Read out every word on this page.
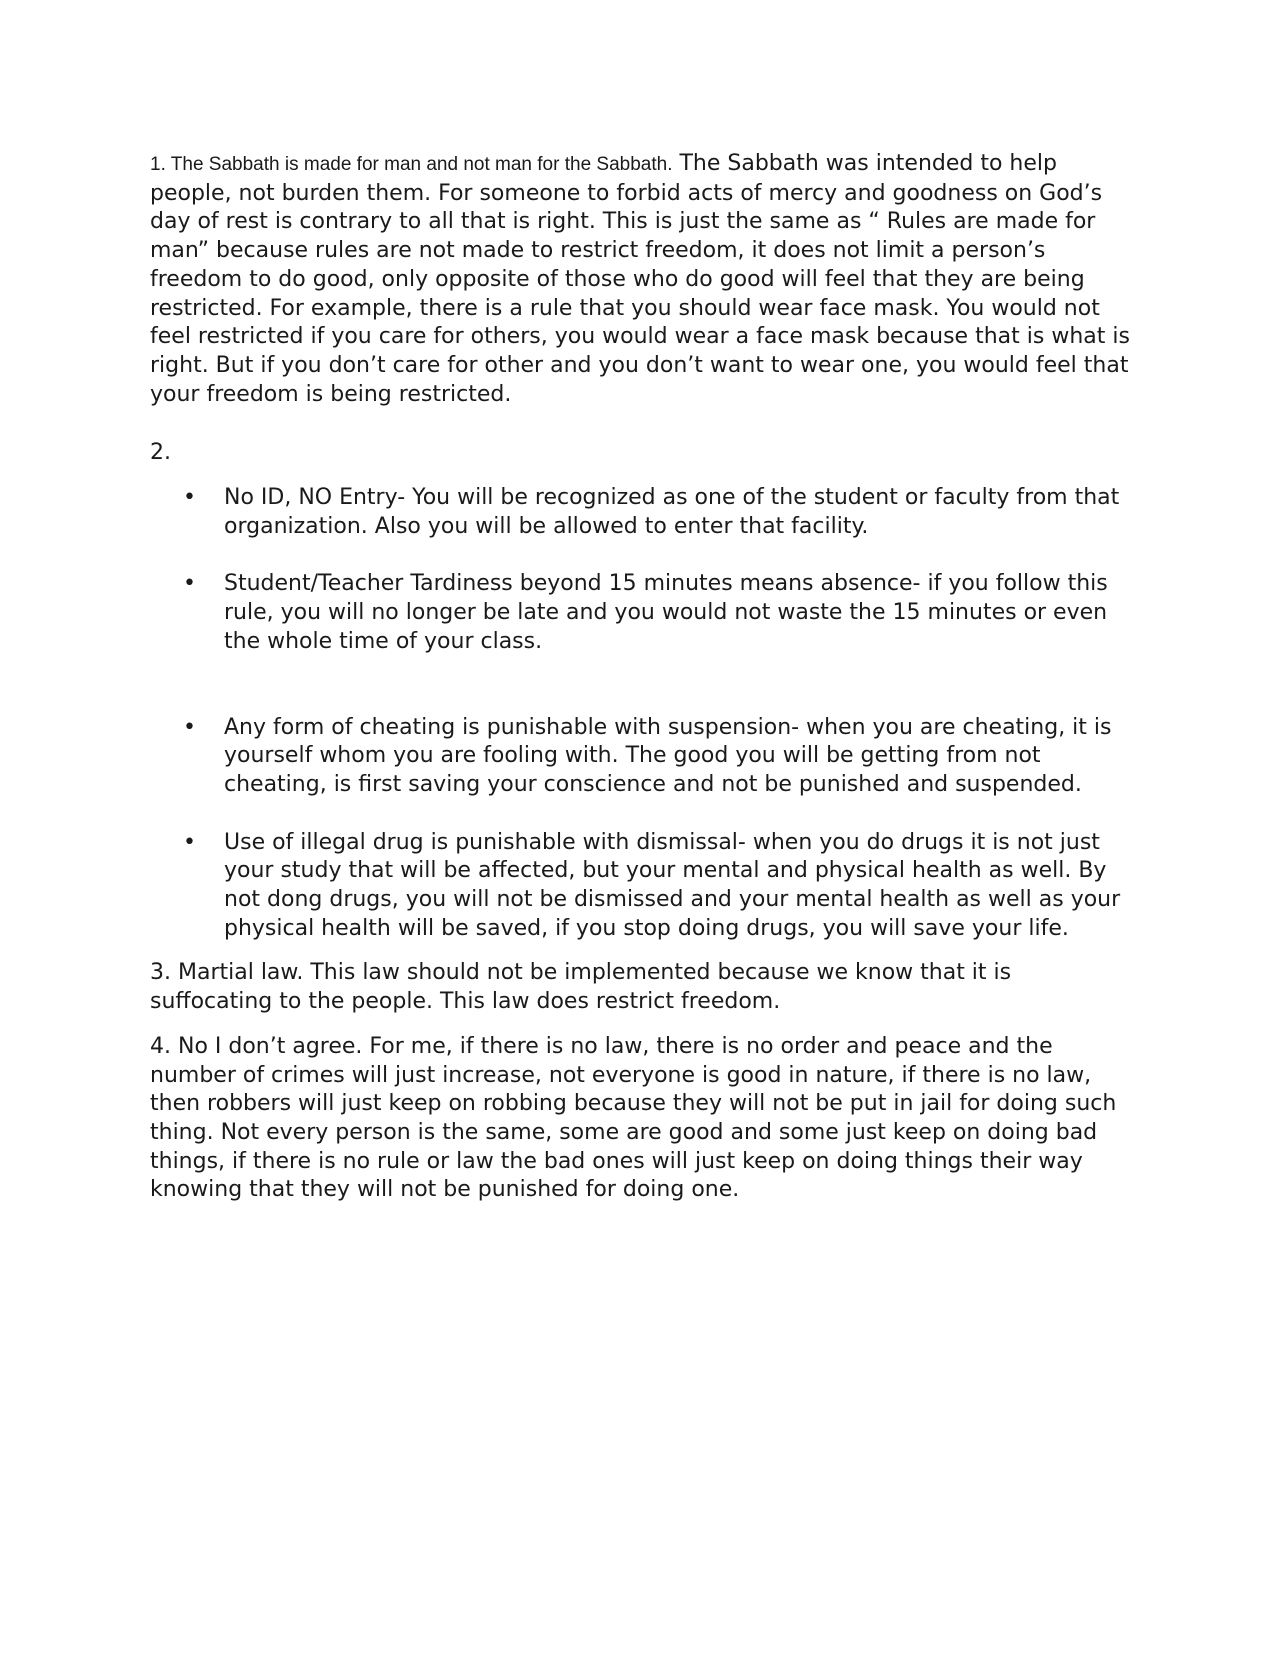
1. The Sabbath is made for man and not man for the Sabbath. The Sabbath was intended to help people, not burden them. For someone to forbid acts of mercy and goodness on God’s day of rest is contrary to all that is right. This is just the same as “ Rules are made for man” because rules are not made to restrict freedom, it does not limit a person’s freedom to do good, only opposite of those who do good will feel that they are being restricted. For example, there is a rule that you should wear face mask. You would not feel restricted if you care for others, you would wear a face mask because that is what is right. But if you don’t care for other and you don’t want to wear one, you would feel that your freedom is being restricted.

2.

• No ID, NO Entry- You will be recognized as one of the student or faculty from that organization. Also you will be allowed to enter that facility.
• Student/Teacher Tardiness beyond 15 minutes means absence- if you follow this rule, you will no longer be late and you would not waste the 15 minutes or even the whole time of your class.
• Any form of cheating is punishable with suspension- when you are cheating, it is yourself whom you are fooling with. The good you will be getting from not cheating, is first saving your conscience and not be punished and suspended.
• Use of illegal drug is punishable with dismissal- when you do drugs it is not just your study that will be affected, but your mental and physical health as well. By not dong drugs, you will not be dismissed and your mental health as well as your physical health will be saved, if you stop doing drugs, you will save your life.

3. Martial law. This law should not be implemented because we know that it is suffocating to the people. This law does restrict freedom.

4. No I don’t agree. For me, if there is no law, there is no order and peace and the number of crimes will just increase, not everyone is good in nature, if there is no law, then robbers will just keep on robbing because they will not be put in jail for doing such thing. Not every person is the same, some are good and some just keep on doing bad things, if there is no rule or law the bad ones will just keep on doing things their way knowing that they will not be punished for doing one.
